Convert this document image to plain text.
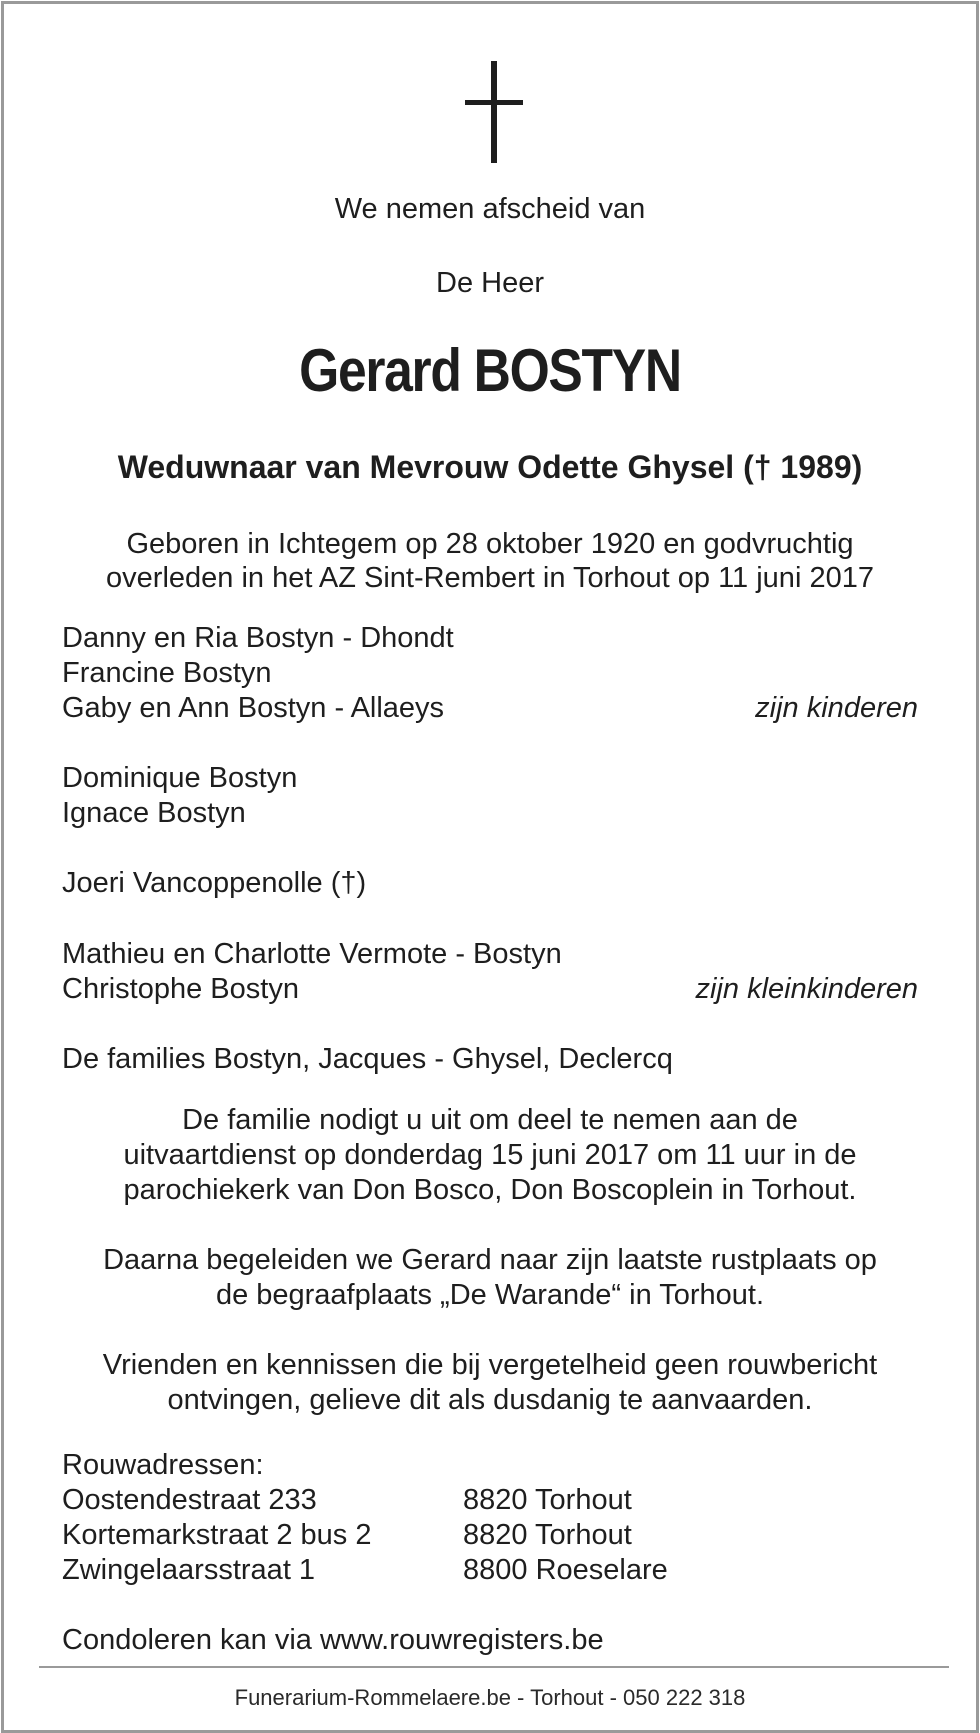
We nemen afscheid van
De Heer
Gerard BOSTYN
Weduwnaar van Mevrouw Odette Ghysel († 1989)
Geboren in Ichtegem op 28 oktober 1920 en godvruchtig
overleden in het AZ Sint-Rembert in Torhout op 11 juni 2017
Danny en Ria Bostyn - Dhondt
Francine Bostyn
Gaby en Ann Bostyn - Allaeys	zijn kinderen
Dominique Bostyn
Ignace Bostyn
Joeri Vancoppenolle (†)
Mathieu en Charlotte Vermote - Bostyn
Christophe Bostyn	zijn kleinkinderen
De families Bostyn, Jacques - Ghysel, Declercq
De familie nodigt u uit om deel te nemen aan de
uitvaartdienst op donderdag 15 juni 2017 om 11 uur in de
parochiekerk van Don Bosco, Don Boscoplein in Torhout.
Daarna begeleiden we Gerard naar zijn laatste rustplaats op
de begraafplaats „De Warande“ in Torhout.
Vrienden en kennissen die bij vergetelheid geen rouwbericht
ontvingen, gelieve dit als dusdanig te aanvaarden.
Rouwadressen:
Oostendestraat 233	8820 Torhout
Kortemarkstraat 2 bus 2	8820 Torhout
Zwingelaarsstraat 1	8800 Roeselare
Condoleren kan via www.rouwregisters.be
Funerarium-Rommelaere.be - Torhout - 050 222 318
